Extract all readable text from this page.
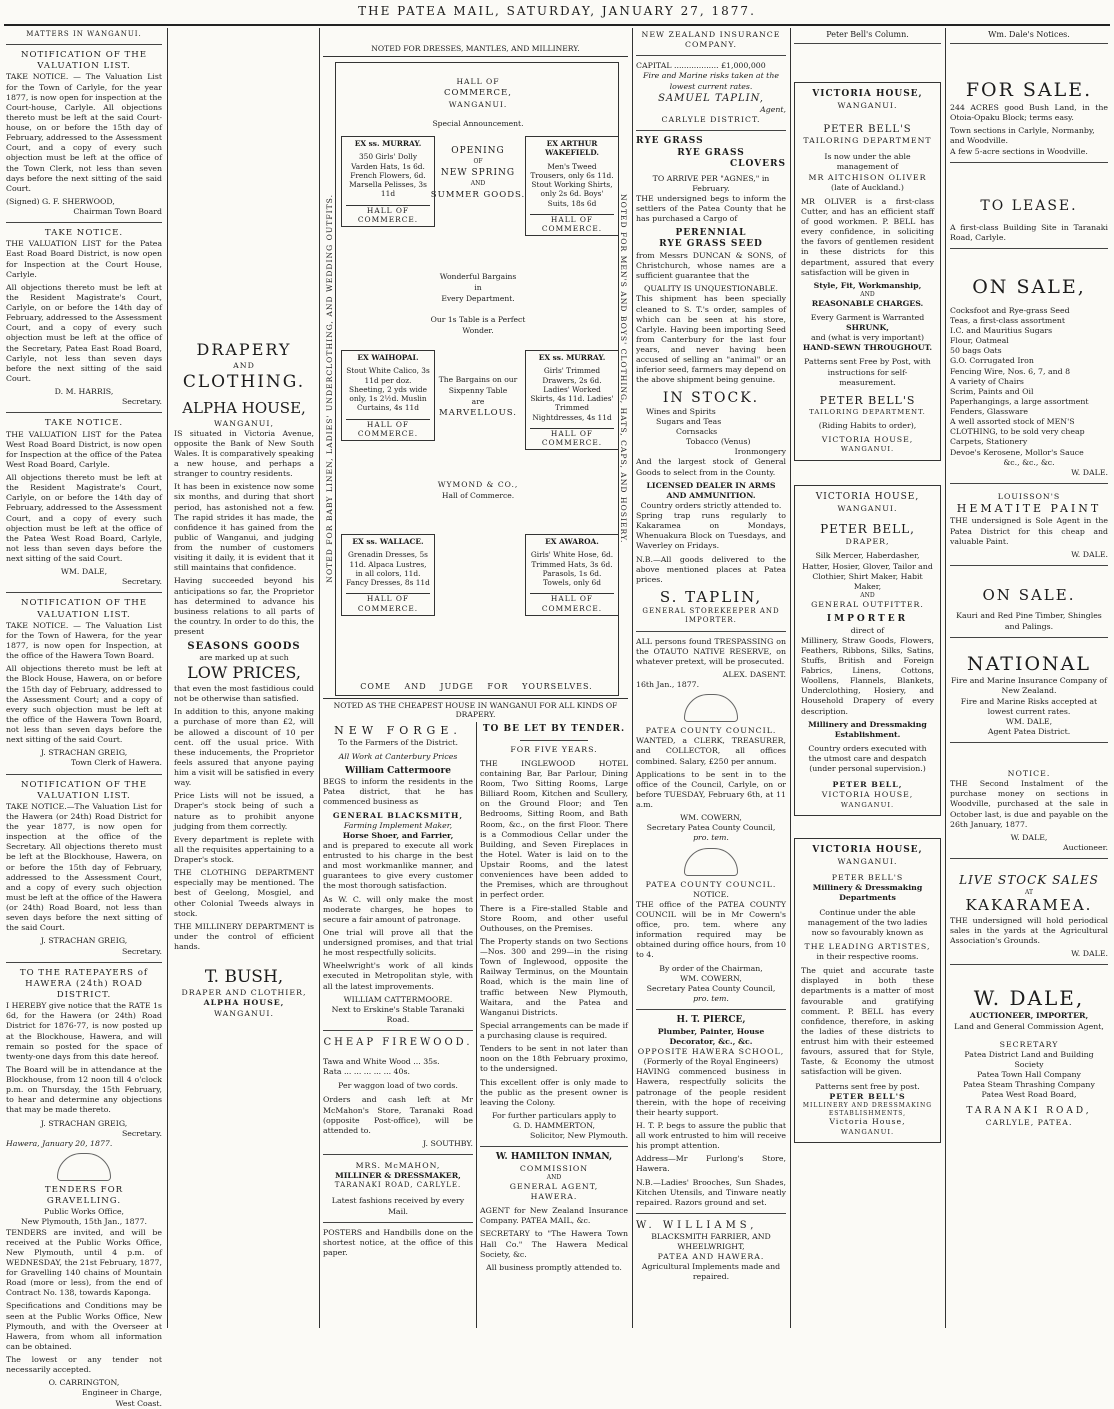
THE PATEA MAIL, SATURDAY, JANUARY 27, 1877.
MATTERS IN WANGANUI.
NOTIFICATION OF THE VALUATION LIST.

TAKE NOTICE. — The Valuation List for the Town of Carlyle, for the year 1877, is now open for inspection at the Court-house, Carlyle. All objections thereto must be left at the said Court-house, on or before the 15th day of February, addressed to the Assessment Court, and a copy of every such objection must be left at the office of the Town Clerk, not less than seven days before the next sitting of the said Court.

(Signed) G. F. SHERWOOD,
Chairman Town Board
TAKE NOTICE.

THE VALUATION LIST for the Patea East Road Board District, is now open for Inspection at the Court House, Carlyle.

All objections thereto must be left at the Resident Magistrate's Court, Carlyle, on or before the 14th day of February, addressed to the Assessment Court, and a copy of every such objection must be left at the office of the Secretary, Patea East Road Board, Carlyle, not less than seven days before the next sitting of the said Court.

D. M. HARRIS,
Secretary.
TAKE NOTICE.

THE VALUATION LIST for the Patea West Road Board District, is now open for Inspection at the office of the Patea West Road Board, Carlyle.

All objections thereto must be left at the Resident Magistrate's Court, Carlyle, on or before the 14th day of February, addressed to the Assessment Court, and a copy of every such objection must be left at the office of the Patea West Road Board, Carlyle, not less than seven days before the next sitting of the said Court.

WM. DALE,
Secretary.
NOTIFICATION OF THE VALUATION LIST.

TAKE NOTICE. — The Valuation List for the Town of Hawera, for the year 1877, is now open for Inspection, at the office of the Hawera Town Board.

All objections thereto must be left at the Block House, Hawera, on or before the 15th day of February, addressed to the Assessment Court; and a copy of every such objection must be left at the office of the Hawera Town Board, not less than seven days before the next sitting of the said Court.

J. STRACHAN GREIG,
Town Clerk of Hawera.
NOTIFICATION OF THE VALUATION LIST.

TAKE NOTICE.—The Valuation List for the Hawera (or 24th) Road District for the year 1877, is now open for inspection at the office of the Secretary. All objections thereto must be left at the Blockhouse, Hawera, on or before the 15th day of February, addressed to the Assessment Court, and a copy of every such objection must be left at the office of the Hawera (or 24th) Road Board, not less than seven days before the next sitting of the said Court.

J. STRACHAN GREIG,
Secretary.
TO THE RATEPAYERS of HAWERA (24th) ROAD DISTRICT.

I HEREBY give notice that the RATE 1s 6d, for the Hawera (or 24th) Road District for 1876-77, is now posted up at the Blockhouse, Hawera, and will remain so posted for the space of twenty-one days from this date hereof.

The Board will be in attendance at the Blockhouse, from 12 noon till 4 o'clock p.m. on Thursday, the 15th February, to hear and determine any objections that may be made thereto.

J. STRACHAN GREIG,
Secretary.
Hawera, January 20, 1877.
TENDERS FOR GRAVELLING.
Public Works Office,
New Plymouth, 15th Jan., 1877.

TENDERS are invited, and will be received at the Public Works Office, New Plymouth, until 4 p.m. of WEDNESDAY, the 21st February, 1877, for Gravelling 140 chains of Mountain Road (more or less), from the end of Contract No. 138, towards Kaponga.

Specifications and Conditions may be seen at the Public Works Office, New Plymouth, and with the Overseer at Hawera, from whom all information can be obtained.

The lowest or any tender not necessarily accepted.

O. CARRINGTON,
Engineer in Charge,
West Coast.
DRAPERY
AND
CLOTHING.
ALPHA HOUSE,
WANGANUI,

IS situated in Victoria Avenue, opposite the Bank of New South Wales. It is comparatively speaking a new house, and perhaps a stranger to country residents.

It has been in existence now some six months, and during that short period, has astonished not a few. The rapid strides it has made, the confidence it has gained from the public of Wanganui, and judging from the number of customers visiting it daily, it is evident that it still maintains that confidence.

Having succeeded beyond his anticipations so far, the Proprietor has determined to advance his business relations to all parts of the country. In order to do this, the present

SEASONS GOODS
are marked up at such
LOW PRICES,

that even the most fastidious could not be otherwise than satisfied.

In addition to this, anyone making a purchase of more than £2, will be allowed a discount of 10 per cent. off the usual price. With these inducements, the Proprietor feels assured that anyone paying him a visit will be satisfied in every way.

Price Lists will not be issued, a Draper's stock being of such a nature as to prohibit anyone judging from them correctly.

Every department is replete with all the requisites appertaining to a Draper's stock.

THE CLOTHING DEPARTMENT especially may be mentioned. The best of Geelong, Mosgiel, and other Colonial Tweeds always in stock.

THE MILLINERY DEPARTMENT is under the control of efficient hands.

T. BUSH,
DRAPER AND CLOTHIER,
ALPHA HOUSE,
WANGANUI.
NOTED FOR DRESSES, MANTLES, AND MILLINERY.
NOTED FOR BABY LINEN, LADIES' UNDERCLOTHING, AND WEDDING OUTFITS.	NOTED FOR MEN'S AND BOYS' CLOTHING, HATS, CAPS, AND HOSIERY.
HALL OF
COMMERCE,
WANGANUI.
Special Announcement.
OPENING
OF
NEW SPRING
AND
SUMMER GOODS.
Wonderful Bargains
in
Every Department.
Our 1s Table is a Perfect Wonder.
The Bargains on our Sixpenny Table
are
MARVELLOUS.
WYMOND & CO.,
Hall of Commerce.
EX ss. MURRAY.
350 Girls' Dolly Varden Hats, 1s 6d. French Flowers, 6d. Marsella Pelisses, 3s 11d
HALL OF COMMERCE.
EX ARTHUR WAKEFIELD.
Men's Tweed Trousers, only 6s 11d. Stout Working Shirts, only 2s 6d. Boys' Suits, 18s 6d
HALL OF COMMERCE.
EX WAIHOPAI.
Stout White Calico, 3s 11d per doz. Sheeting, 2 yds wide only, 1s 2½d. Muslin Curtains, 4s 11d
HALL OF COMMERCE.
EX ss. MURRAY.
Girls' Trimmed Drawers, 2s 6d. Ladies' Worked Skirts, 4s 11d. Ladies' Trimmed Nightdresses, 4s 11d
HALL OF COMMERCE.
EX ss. WALLACE.
Grenadin Dresses, 5s 11d. Alpaca Lustres, in all colors, 11d. Fancy Dresses, 8s 11d
HALL OF COMMERCE.
EX AWAROA.
Girls' White Hose, 6d. Trimmed Hats, 3s 6d. Parasols, 1s 6d. Towels, only 6d
HALL OF COMMERCE.
COME AND JUDGE FOR YOURSELVES.
NOTED AS THE CHEAPEST HOUSE IN WANGANUI FOR ALL KINDS OF DRAPERY.
NEW FORGE.
To the Farmers of the District.
All Work at Canterbury Prices
William Cattermoore

BEGS to inform the residents in the Patea district, that he has commenced business as

GENERAL BLACKSMITH,
Farming Implement Maker,
Horse Shoer, and Farrier,

and is prepared to execute all work entrusted to his charge in the best and most workmanlike manner, and guarantees to give every customer the most thorough satisfaction.

As W. C. will only make the most moderate charges, he hopes to secure a fair amount of patronage.

One trial will prove all that the undersigned promises, and that trial he most respectfully solicits.

Wheelwright's work of all kinds executed in Metropolitan style, with all the latest improvements.

WILLIAM CATTERMOORE.
Next to Erskine's Stable Taranaki Road.
CHEAP FIREWOOD.
Tawa and White Wood ... 35s.
Rata ... ... ... ... ... 40s.
Per waggon load of two cords.

Orders and cash left at Mr McMahon's Store, Taranaki Road (opposite Post-office), will be attended to.

J. SOUTHBY.
MRS. McMAHON,
MILLINER & DRESSMAKER,
TARANAKI ROAD, CARLYLE.
Latest fashions received by every Mail.

POSTERS and Handbills done on the shortest notice, at the office of this paper.

TO BE LET BY TENDER.
FOR FIVE YEARS.

THE INGLEWOOD HOTEL containing Bar, Bar Parlour, Dining Room, Two Sitting Rooms, Large Billiard Room, Kitchen and Scullery, on the Ground Floor; and Ten Bedrooms, Sitting Room, and Bath Room, &c., on the first Floor. There is a Commodious Cellar under the Building, and Seven Fireplaces in the Hotel. Water is laid on to the Upstair Rooms, and the latest conveniences have been added to the Premises, which are throughout in perfect order.

There is a Fire-stalled Stable and Store Room, and other useful Outhouses, on the Premises.

The Property stands on two Sections —Nos. 300 and 299—in the rising Town of Inglewood, opposite the Railway Terminus, on the Mountain Road, which is the main line of traffic between New Plymouth, Waitara, and the Patea and Wanganui Districts.

Special arrangements can be made if a purchasing clause is required.

Tenders to be sent in not later than noon on the 18th February proximo, to the undersigned.

This excellent offer is only made to the public as the present owner is leaving the Colony.

For further particulars apply to
G. D. HAMMERTON,
Solicitor, New Plymouth.
W. HAMILTON INMAN,
COMMISSION
AND
GENERAL AGENT,
HAWERA.

AGENT for New Zealand Insurance Company. PATEA MAIL, &c.

SECRETARY to "The Hawera Town Hall Co." The Hawera Medical Society, &c.

All business promptly attended to.
NEW ZEALAND INSURANCE COMPANY.
CAPITAL .................. £1,000,000
Fire and Marine risks taken at the lowest current rates.
SAMUEL TAPLIN,
Agent,
CARLYLE DISTRICT.
RYE GRASS
RYE GRASS
CLOVERS
TO ARRIVE PER "AGNES," in February.

THE undersigned begs to inform the settlers of the Patea County that he has purchased a Cargo of

PERENNIAL
RYE GRASS SEED

from Messrs DUNCAN & SONS, of Christchurch, whose names are a sufficient guarantee that the

QUALITY IS UNQUESTIONABLE.

This shipment has been specially cleaned to S. T.'s order, samples of which can be seen at his store, Carlyle. Having been importing Seed from Canterbury for the last four years, and never having been accused of selling an "animal" or an inferior seed, farmers may depend on the above shipment being genuine.

IN STOCK.
Wines and Spirits
Sugars and Teas
Cornsacks
Tobacco (Venus)
Ironmongery

And the largest stock of General Goods to select from in the County.

LICENSED DEALER IN ARMS AND AMMUNITION.
Country orders strictly attended to.

Spring trap runs regularly to Kakaramea on Mondays, Whenuakura Block on Tuesdays, and Waverley on Fridays.

N.B.—All goods delivered to the above mentioned places at Patea prices.

S. TAPLIN,
GENERAL STOREKEEPER AND IMPORTER.

ALL persons found TRESPASSING on the OTAUTO NATIVE RESERVE, on whatever pretext, will be prosecuted.

ALEX. DASENT.
16th Jan., 1877.
PATEA COUNTY COUNCIL.

WANTED, a CLERK, TREASURER, and COLLECTOR, all offices combined. Salary, £250 per annum.

Applications to be sent in to the office of the Council, Carlyle, on or before TUESDAY, February 6th, at 11 a.m.

WM. COWERN,
Secretary Patea County Council,
pro. tem.
PATEA COUNTY COUNCIL.
NOTICE.

THE office of the PATEA COUNTY COUNCIL will be in Mr Cowern's office, pro. tem. where any information required may be obtained during office hours, from 10 to 4.

By order of the Chairman,
WM. COWERN,
Secretary Patea County Council,
pro. tem.
H. T. PIERCE,
Plumber, Painter, House Decorator, &c., &c.
OPPOSITE HAWERA SCHOOL,
(Formerly of the Royal Engineers)

HAVING commenced business in Hawera, respectfully solicits the patronage of the people resident therein, with the hope of receiving their hearty support.

H. T. P. begs to assure the public that all work entrusted to him will receive his prompt attention.

Address—Mr Furlong's Store, Hawera.

N.B.—Ladies' Brooches, Sun Shades, Kitchen Utensils, and Tinware neatly repaired. Razors ground and set.

W. WILLIAMS,
BLACKSMITH FARRIER, AND WHEELWRIGHT,
PATEA AND HAWERA.
Agricultural Implements made and repaired.
Peter Bell's Column.
VICTORIA HOUSE,
WANGANUI.
PETER BELL'S
TAILORING DEPARTMENT
Is now under the able management of
MR AITCHISON OLIVER
(late of Auckland.)

MR OLIVER is a first-class Cutter, and has an efficient staff of good workmen. P. BELL has every confidence, in soliciting the favors of gentlemen resident in these districts for this department, assured that every satisfaction will be given in

Style, Fit, Workmanship,
AND
REASONABLE CHARGES.
Every Garment is Warranted
SHRUNK,
and (what is very important)
HAND-SEWN THROUGHOUT.
Patterns sent Free by Post, with instructions for self-measurement.
PETER BELL'S
TAILORING DEPARTMENT.
(Riding Habits to order),
VICTORIA HOUSE,
WANGANUI.
VICTORIA HOUSE,
WANGANUI.
PETER BELL,
DRAPER,
Silk Mercer, Haberdasher, Hatter, Hosier, Glover, Tailor and Clothier, Shirt Maker, Habit Maker,
AND
GENERAL OUTFITTER.
IMPORTER
direct of

Millinery, Straw Goods, Flowers, Feathers, Ribbons, Silks, Satins, Stuffs, British and Foreign Fabrics, Linens, Cottons, Woollens, Flannels, Blankets, Underclothing, Hosiery, and Household Drapery of every description.

Millinery and Dressmaking Establishment.
Country orders executed with the utmost care and despatch (under personal supervision.)
PETER BELL,
VICTORIA HOUSE,
WANGANUI.
VICTORIA HOUSE,
WANGANUI.
PETER BELL'S
Millinery & Dressmaking Departments
Continue under the able management of the two ladies now so favourably known as
THE LEADING ARTISTES,
in their respective rooms.

The quiet and accurate taste displayed in both these departments is a matter of most favourable and gratifying comment. P. BELL has every confidence, therefore, in asking the ladies of these districts to entrust him with their esteemed favours, assured that for Style, Taste, & Economy the utmost satisfaction will be given.

Patterns sent free by post.
PETER BELL'S
MILLINERY AND DRESSMAKING ESTABLISHMENTS,
Victoria House,
WANGANUI.
Wm. Dale's Notices.
FOR SALE.

244 ACRES good Bush Land, in the Otoia-Opaku Block; terms easy.

Town sections in Carlyle, Normanby, and Woodville.
A few 5-acre sections in Woodville.
TO LEASE.

A first-class Building Site in Taranaki Road, Carlyle.

ON SALE,
Cocksfoot and Rye-grass Seed
Teas, a first-class assortment
I.C. and Mauritius Sugars
Flour, Oatmeal
50 bags Oats
G.O. Corrugated Iron
Fencing Wire, Nos. 6, 7, and 8
A variety of Chairs
Scrim, Paints and Oil
Paperhangings, a large assortment
Fenders, Glassware
A well assorted stock of MEN'S CLOTHING, to be sold very cheap
Carpets, Stationery
Devoe's Kerosene, Mollor's Sauce
&c., &c., &c.
W. DALE.
LOUISSON'S
HEMATITE PAINT

THE undersigned is Sole Agent in the Patea District for this cheap and valuable Paint.

W. DALE.
ON SALE.
Kauri and Red Pine Timber, Shingles and Palings.
NATIONAL
Fire and Marine Insurance Company of New Zealand.
Fire and Marine Risks accepted at lowest current rates.
WM. DALE,
Agent Patea District.
NOTICE.

THE Second Instalment of the purchase money on sections in Woodville, purchased at the sale in October last, is due and payable on the 26th January, 1877.

W. DALE,
Auctioneer.
LIVE STOCK SALES
AT
KAKARAMEA.

THE undersigned will hold periodical sales in the yards at the Agricultural Association's Grounds.

W. DALE.
W. DALE,
AUCTIONEER, IMPORTER,
Land and General Commission Agent,
SECRETARY
Patea District Land and Building Society
Patea Town Hall Company
Patea Steam Thrashing Company
Patea West Road Board,
TARANAKI ROAD,
CARLYLE, PATEA.
